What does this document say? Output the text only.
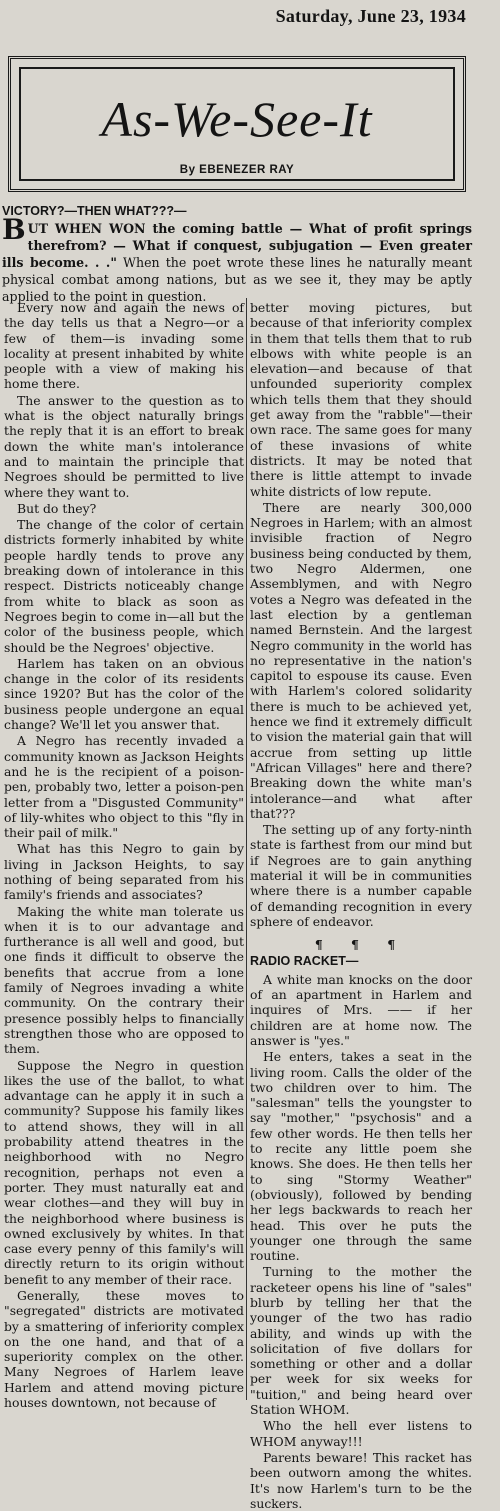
Saturday, June 23, 1934
As-We-See-It
By EBENEZER RAY
VICTORY?—THEN WHAT???—

BUT WHEN WON the coming battle — What of profit springs therefrom? — What if conquest, subjugation — Even greater ills become. . ." When the poet wrote these lines he naturally meant physical combat among nations, but as we see it, they may be aptly applied to the point in question.

Every now and again the news of the day tells us that a Negro—or a few of them—is invading some locality at present inhabited by white people with a view of making his home there.

The answer to the question as to what is the object naturally brings the reply that it is an effort to break down the white man's intolerance and to maintain the principle that Negroes should be permitted to live where they want to.

But do they?

The change of the color of certain districts formerly inhabited by white people hardly tends to prove any breaking down of intolerance in this respect. Districts noticeably change from white to black as soon as Negroes begin to come in—all but the color of the business people, which should be the Negroes' objective.

Harlem has taken on an obvious change in the color of its residents since 1920? But has the color of the business people undergone an equal change? We'll let you answer that.

A Negro has recently invaded a community known as Jackson Heights and he is the recipient of a poison-pen, probably two, letter a poison-pen letter from a "Disgusted Community" of lily-whites who object to this "fly in their pail of milk."

What has this Negro to gain by living in Jackson Heights, to say nothing of being separated from his family's friends and associates?

Making the white man tolerate us when it is to our advantage and furtherance is all well and good, but one finds it difficult to observe the benefits that accrue from a lone family of Negroes invading a white community. On the contrary their presence possibly helps to financially strengthen those who are opposed to them.

Suppose the Negro in question likes the use of the ballot, to what advantage can he apply it in such a community? Suppose his family likes to attend shows, they will in all probability attend theatres in the neighborhood with no Negro recognition, perhaps not even a porter. They must naturally eat and wear clothes—and they will buy in the neighborhood where business is owned exclusively by whites. In that case every penny of this family's will directly return to its origin without benefit to any member of their race.

Generally, these moves to "segregated" districts are motivated by a smattering of inferiority complex on the one hand, and that of a superiority complex on the other. Many Negroes of Harlem leave Harlem and attend moving picture houses downtown, not because of

better moving pictures, but because of that inferiority complex in them that tells them that to rub elbows with white people is an elevation—and because of that unfounded superiority complex which tells them that they should get away from the "rabble"—their own race. The same goes for many of these invasions of white districts. It may be noted that there is little attempt to invade white districts of low repute.

There are nearly 300,000 Negroes in Harlem; with an almost invisible fraction of Negro business being conducted by them, two Negro Aldermen, one Assemblymen, and with Negro votes a Negro was defeated in the last election by a gentleman named Bernstein. And the largest Negro community in the world has no representative in the nation's capitol to espouse its cause. Even with Harlem's colored solidarity there is much to be achieved yet, hence we find it extremely difficult to vision the material gain that will accrue from setting up little "African Villages" here and there? Breaking down the white man's intolerance—and what after that???

The setting up of any forty-ninth state is farthest from our mind but if Negroes are to gain anything material it will be in communities where there is a number capable of demanding recognition in every sphere of endeavor.

¶ ¶ ¶
RADIO RACKET—

A white man knocks on the door of an apartment in Harlem and inquires of Mrs. —— if her children are at home now. The answer is "yes."

He enters, takes a seat in the living room. Calls the older of the two children over to him. The "salesman" tells the youngster to say "mother," "psychosis" and a few other words. He then tells her to recite any little poem she knows. She does. He then tells her to sing "Stormy Weather" (obviously), followed by bending her legs backwards to reach her head. This over he puts the younger one through the same routine.

Turning to the mother the racketeer opens his line of "sales" blurb by telling her that the younger of the two has radio ability, and winds up with the solicitation of five dollars for something or other and a dollar per week for six weeks for "tuition," and being heard over Station WHOM.

Who the hell ever listens to WHOM anyway!!!

Parents beware! This racket has been outworn among the whites. It's now Harlem's turn to be the suckers.
